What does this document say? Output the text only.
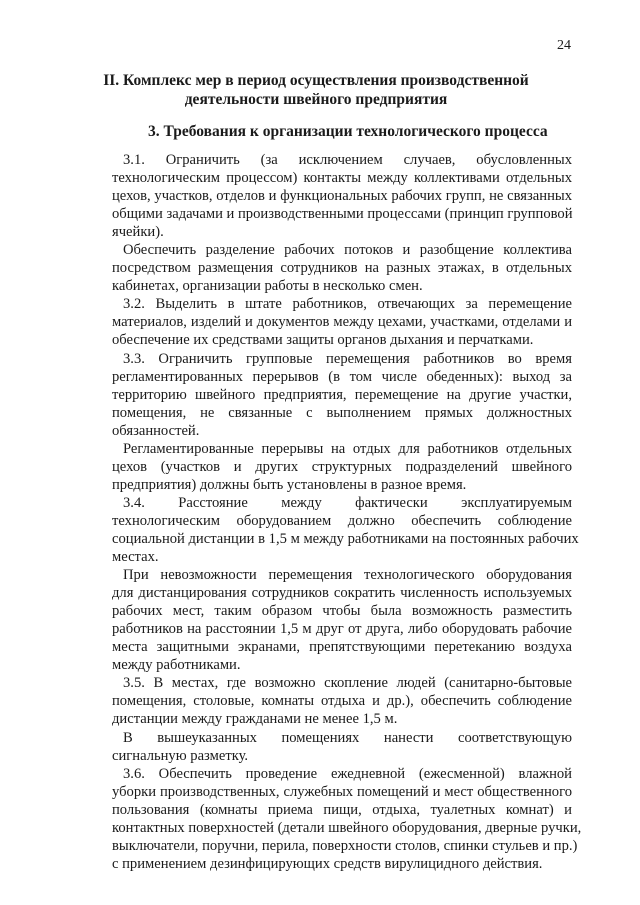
24
II. Комплекс мер в период осуществления производственной
деятельности швейного предприятия
3. Требования к организации технологического процесса
3.1. Ограничить (за исключением случаев, обусловленных
технологическим процессом) контакты между коллективами отдельных
цехов, участков, отделов и функциональных рабочих групп, не связанных
общими задачами и производственными процессами (принцип групповой
ячейки).
Обеспечить разделение рабочих потоков и разобщение коллектива
посредством размещения сотрудников на разных этажах, в отдельных
кабинетах, организации работы в несколько смен.
3.2. Выделить в штате работников, отвечающих за перемещение
материалов, изделий и документов между цехами, участками, отделами и
обеспечение их средствами защиты органов дыхания и перчатками.
3.3. Ограничить групповые перемещения работников во время
регламентированных перерывов (в том числе обеденных): выход за
территорию швейного предприятия, перемещение на другие участки,
помещения, не связанные с выполнением прямых должностных
обязанностей.
Регламентированные перерывы на отдых для работников отдельных
цехов (участков и других структурных подразделений швейного
предприятия) должны быть установлены в разное время.
3.4. Расстояние между фактически эксплуатируемым
технологическим оборудованием должно обеспечить соблюдение
социальной дистанции в 1,5 м между работниками на постоянных рабочих
местах.
При невозможности перемещения технологического оборудования
для дистанцирования сотрудников сократить численность используемых
рабочих мест, таким образом чтобы была возможность разместить
работников на расстоянии 1,5 м друг от друга, либо оборудовать рабочие
места защитными экранами, препятствующими перетеканию воздуха
между работниками.
3.5. В местах, где возможно скопление людей (санитарно-бытовые
помещения, столовые, комнаты отдыха и др.), обеспечить соблюдение
дистанции между гражданами не менее 1,5 м.
В вышеуказанных помещениях нанести соответствующую
сигнальную разметку.
3.6. Обеспечить проведение ежедневной (ежесменной) влажной
уборки производственных, служебных помещений и мест общественного
пользования (комнаты приема пищи, отдыха, туалетных комнат) и
контактных поверхностей (детали швейного оборудования, дверные ручки,
выключатели, поручни, перила, поверхности столов, спинки стульев и пр.)
с применением дезинфицирующих средств вирулицидного действия.
